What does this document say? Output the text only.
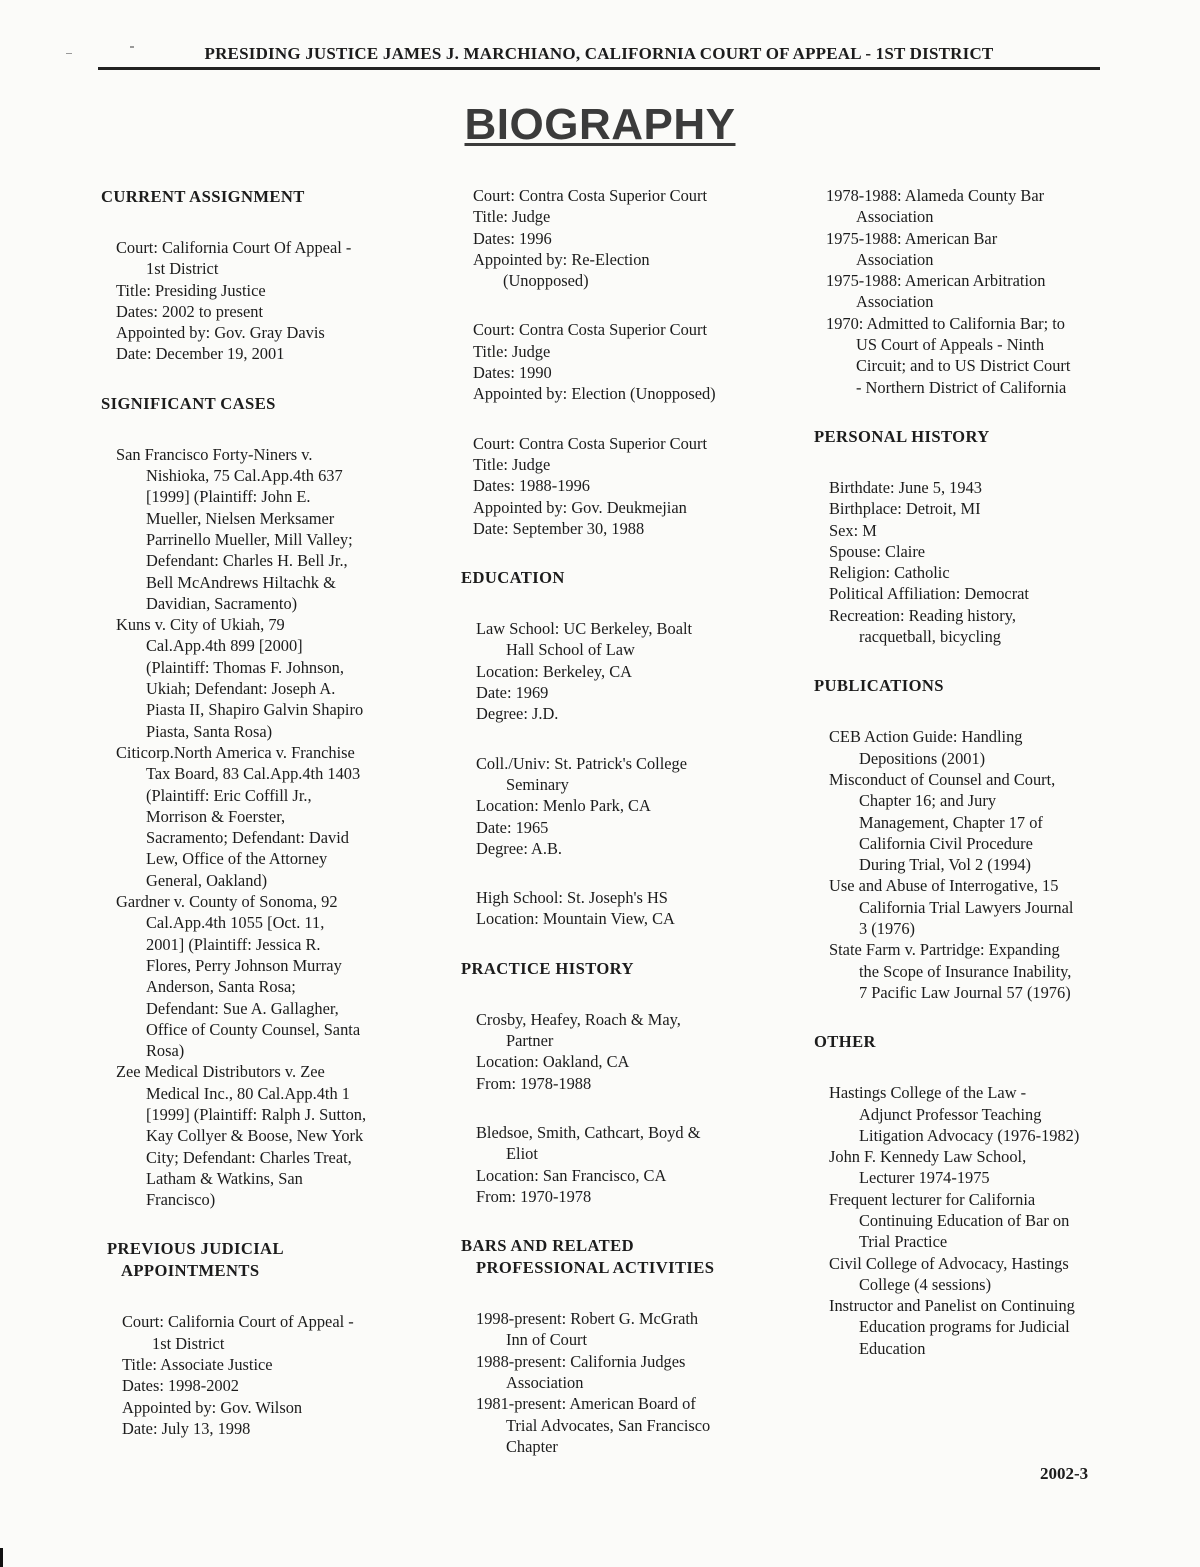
PRESIDING JUSTICE JAMES J. MARCHIANO, CALIFORNIA COURT OF APPEAL - 1ST DISTRICT
BIOGRAPHY
CURRENT ASSIGNMENT
Court: California Court Of Appeal -
1st District
Title: Presiding Justice
Dates: 2002 to present
Appointed by: Gov. Gray Davis
Date: December 19, 2001
SIGNIFICANT CASES
San Francisco Forty-Niners v.
Nishioka, 75 Cal.App.4th 637
[1999] (Plaintiff: John E.
Mueller, Nielsen Merksamer
Parrinello Mueller, Mill Valley;
Defendant: Charles H. Bell Jr.,
Bell McAndrews Hiltachk &
Davidian, Sacramento)
Kuns v. City of Ukiah, 79
Cal.App.4th 899 [2000]
(Plaintiff: Thomas F. Johnson,
Ukiah; Defendant: Joseph A.
Piasta II, Shapiro Galvin Shapiro
Piasta, Santa Rosa)
Citicorp.North America v. Franchise
Tax Board, 83 Cal.App.4th 1403
(Plaintiff: Eric Coffill Jr.,
Morrison & Foerster,
Sacramento; Defendant: David
Lew, Office of the Attorney
General, Oakland)
Gardner v. County of Sonoma, 92
Cal.App.4th 1055 [Oct. 11,
2001] (Plaintiff: Jessica R.
Flores, Perry Johnson Murray
Anderson, Santa Rosa;
Defendant: Sue A. Gallagher,
Office of County Counsel, Santa
Rosa)
Zee Medical Distributors v. Zee
Medical Inc., 80 Cal.App.4th 1
[1999] (Plaintiff: Ralph J. Sutton,
Kay Collyer & Boose, New York
City; Defendant: Charles Treat,
Latham & Watkins, San
Francisco)
PREVIOUS JUDICIAL
APPOINTMENTS
Court: California Court of Appeal -
1st District
Title: Associate Justice
Dates: 1998-2002
Appointed by: Gov. Wilson
Date: July 13, 1998
Court: Contra Costa Superior Court
Title: Judge
Dates: 1996
Appointed by: Re-Election
(Unopposed)
Court: Contra Costa Superior Court
Title: Judge
Dates: 1990
Appointed by: Election (Unopposed)
Court: Contra Costa Superior Court
Title: Judge
Dates: 1988-1996
Appointed by: Gov. Deukmejian
Date: September 30, 1988
EDUCATION
Law School: UC Berkeley, Boalt
Hall School of Law
Location: Berkeley, CA
Date: 1969
Degree: J.D.
Coll./Univ: St. Patrick's College
Seminary
Location: Menlo Park, CA
Date: 1965
Degree: A.B.
High School: St. Joseph's HS
Location: Mountain View, CA
PRACTICE HISTORY
Crosby, Heafey, Roach & May,
Partner
Location: Oakland, CA
From: 1978-1988
Bledsoe, Smith, Cathcart, Boyd &
Eliot
Location: San Francisco, CA
From: 1970-1978
BARS AND RELATED
PROFESSIONAL ACTIVITIES
1998-present: Robert G. McGrath
Inn of Court
1988-present: California Judges
Association
1981-present: American Board of
Trial Advocates, San Francisco
Chapter
1978-1988: Alameda County Bar
Association
1975-1988: American Bar
Association
1975-1988: American Arbitration
Association
1970: Admitted to California Bar; to
US Court of Appeals - Ninth
Circuit; and to US District Court
- Northern District of California
PERSONAL HISTORY
Birthdate: June 5, 1943
Birthplace: Detroit, MI
Sex: M
Spouse: Claire
Religion: Catholic
Political Affiliation: Democrat
Recreation: Reading history,
racquetball, bicycling
PUBLICATIONS
CEB Action Guide: Handling
Depositions (2001)
Misconduct of Counsel and Court,
Chapter 16; and Jury
Management, Chapter 17 of
California Civil Procedure
During Trial, Vol 2 (1994)
Use and Abuse of Interrogative, 15
California Trial Lawyers Journal
3 (1976)
State Farm v. Partridge: Expanding
the Scope of Insurance Inability,
7 Pacific Law Journal 57 (1976)
OTHER
Hastings College of the Law -
Adjunct Professor Teaching
Litigation Advocacy (1976-1982)
John F. Kennedy Law School,
Lecturer 1974-1975
Frequent lecturer for California
Continuing Education of Bar on
Trial Practice
Civil College of Advocacy, Hastings
College (4 sessions)
Instructor and Panelist on Continuing
Education programs for Judicial
Education
2002-3
